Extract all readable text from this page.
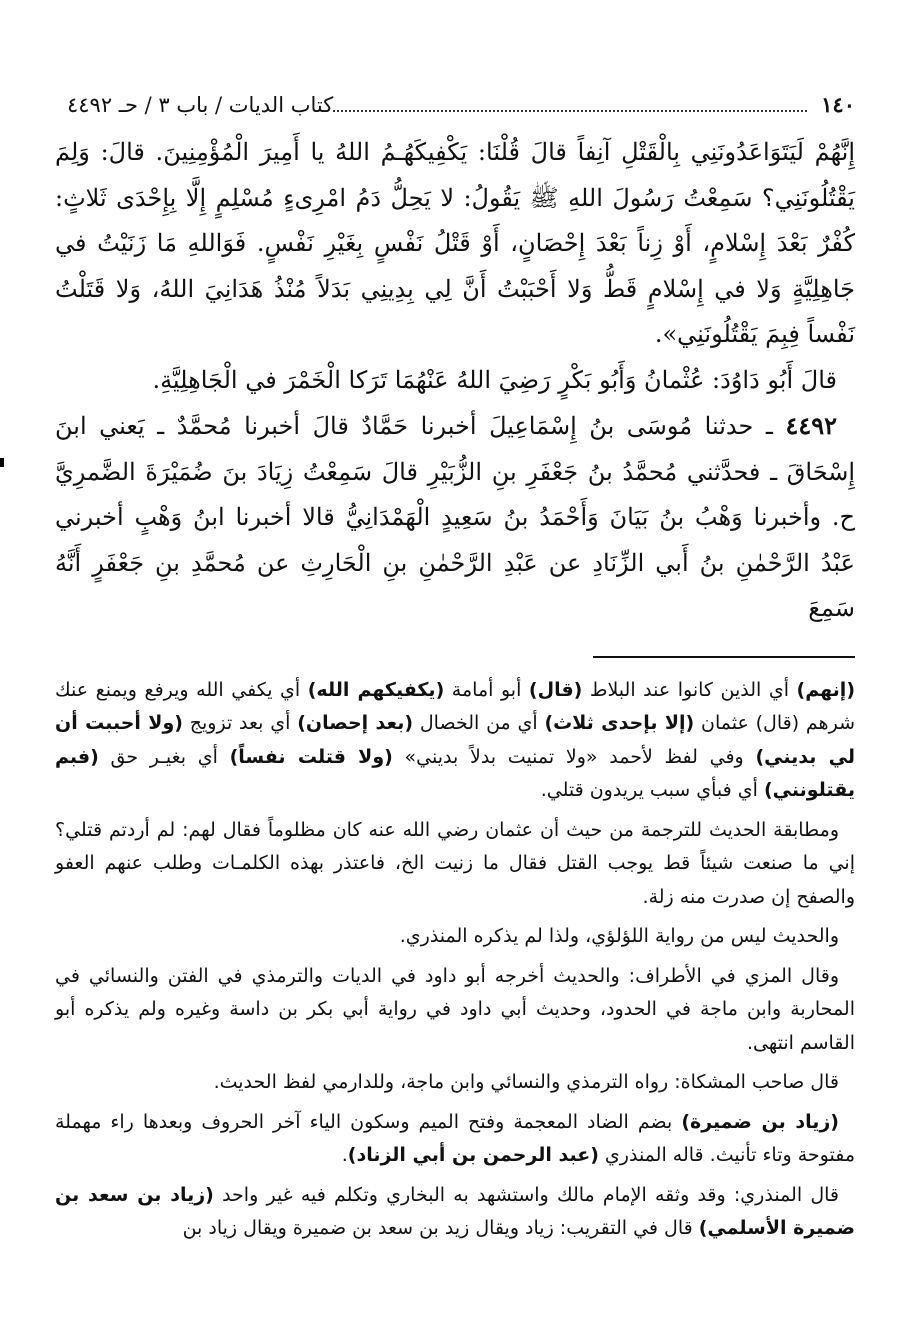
١٤٠
كتاب الديات / باب ٣ / حـ ٤٤٩٢

إِنَّهُمْ لَيَتَوَاعَدُونَنِي بِالْقَتْلِ آنِفاً قالَ قُلْنَا: يَكْفِيكَهُـمُ اللهُ يا أَمِيرَ الْمُؤْمِنِينَ. قالَ: وَلِمَ يَقْتُلُونَنِي؟ سَمِعْتُ رَسُولَ اللهِ ﷺ يَقُولُ: لا يَحِلُّ دَمُ امْرِىءٍ مُسْلِمٍ إِلَّا بِإِحْدَى ثَلاثٍ: كُفْرٌ بَعْدَ إِسْلامٍ، أَوْ زِناً بَعْدَ إِحْصَانٍ، أَوْ قَتْلُ نَفْسٍ بِغَيْرِ نَفْسٍ. فَوَاللهِ مَا زَنَيْتُ في جَاهِلِيَّةٍ وَلا في إِسْلامٍ قَطُّ وَلا أَحْبَبْتُ أَنَّ لِي بِدِينِي بَدَلاً مُنْذُ هَدَانِيَ اللهُ، وَلا قَتَلْتُ نَفْساً فِبِمَ يَقْتُلُونَنِي».

قالَ أَبُو دَاوُدَ: عُثْمانُ وَأَبُو بَكْرٍ رَضِيَ اللهُ عَنْهُمَا تَرَكا الْخَمْرَ في الْجَاهِلِيَّةِ.

٤٤٩٢ ـ حدثنا مُوسَى بنُ إِسْمَاعِيلَ أخبرنا حَمَّادٌ قالَ أخبرنا مُحمَّدٌ ـ يَعني ابنَ إِسْحَاقَ ـ فحدَّثني مُحمَّدُ بنُ جَعْفَرِ بنِ الزُّبَيْرِ قالَ سَمِعْتُ زِيَادَ بنَ ضُمَيْرَةَ الضَّمرِيَّ ح. وأخبرنا وَهْبُ بنُ بَيَانَ وَأَحْمَدُ بنُ سَعِيدٍ الْهَمْدَانِيُّ قالا أخبرنا ابنُ وَهْبٍ أخبرني عَبْدُ الرَّحْمٰنِ بنُ أَبي الزِّنَادِ عن عَبْدِ الرَّحْمٰنِ بنِ الْحَارِثِ عن مُحمَّدِ بنِ جَعْفَرٍ أَنَّهُ سَمِعَ

(إنهم) أي الذين كانوا عند البلاط (قال) أبو أمامة (يكفيكهم الله) أي يكفي الله ويرفع ويمنع عنك شرهم (قال) عثمان (إلا بإحدى ثلاث) أي من الخصال (بعد إحصان) أي بعد تزويج (ولا أحببت أن لي بديني) وفي لفظ لأحمد «ولا تمنيت بدلاً بديني» (ولا قتلت نفساً) أي بغيـر حق (فبم يقتلونني) أي فبأي سبب يريدون قتلي.

ومطابقة الحديث للترجمة من حيث أن عثمان رضي الله عنه كان مظلوماً فقال لهم: لم أردتم قتلي؟ إني ما صنعت شيئاً قط يوجب القتل فقال ما زنيت الخ، فاعتذر بهذه الكلمـات وطلب عنهم العفو والصفح إن صدرت منه زلة.

والحديث ليس من رواية اللؤلؤي، ولذا لم يذكره المنذري.

وقال المزي في الأطراف: والحديث أخرجه أبو داود في الديات والترمذي في الفتن والنسائي في المحاربة وابن ماجة في الحدود، وحديث أبي داود في رواية أبي بكر بن داسة وغيره ولم يذكره أبو القاسم انتهى.

قال صاحب المشكاة: رواه الترمذي والنسائي وابن ماجة، وللدارمي لفظ الحديث.

(زياد بن ضميرة) بضم الضاد المعجمة وفتح الميم وسكون الياء آخر الحروف وبعدها راء مهملة مفتوحة وتاء تأنيث. قاله المنذري (عبد الرحمن بن أبي الزناد).

قال المنذري: وقد وثقه الإمام مالك واستشهد به البخاري وتكلم فيه غير واحد (زياد بن سعد بن ضميرة الأسلمي) قال في التقريب: زياد ويقال زيد بن سعد بن ضميرة ويقال زياد بن
